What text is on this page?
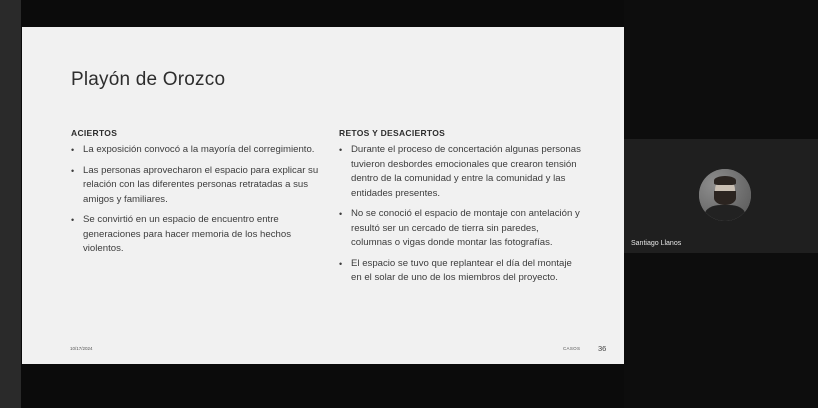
Playón de Orozco
ACIERTOS
• La exposición convocó a la mayoría del corregimiento.
• Las personas aprovecharon el espacio para explicar su relación con las diferentes personas retratadas a sus amigos y familiares.
• Se convirtió en un espacio de encuentro entre generaciones para hacer memoria de los hechos violentos.
RETOS Y DESACIERTOS
• Durante el proceso de concertación algunas personas tuvieron desbordes emocionales que crearon tensión dentro de la comunidad y entre la comunidad y las entidades presentes.
• No se conoció el espacio de montaje con antelación y resultó ser un cercado de tierra sin paredes, columnas o vigas donde montar las fotografías.
• El espacio se tuvo que replantear el día del montaje en el solar de uno de los miembros del proyecto.
10/17/2024	CASOS 36
Santiago Llanos
